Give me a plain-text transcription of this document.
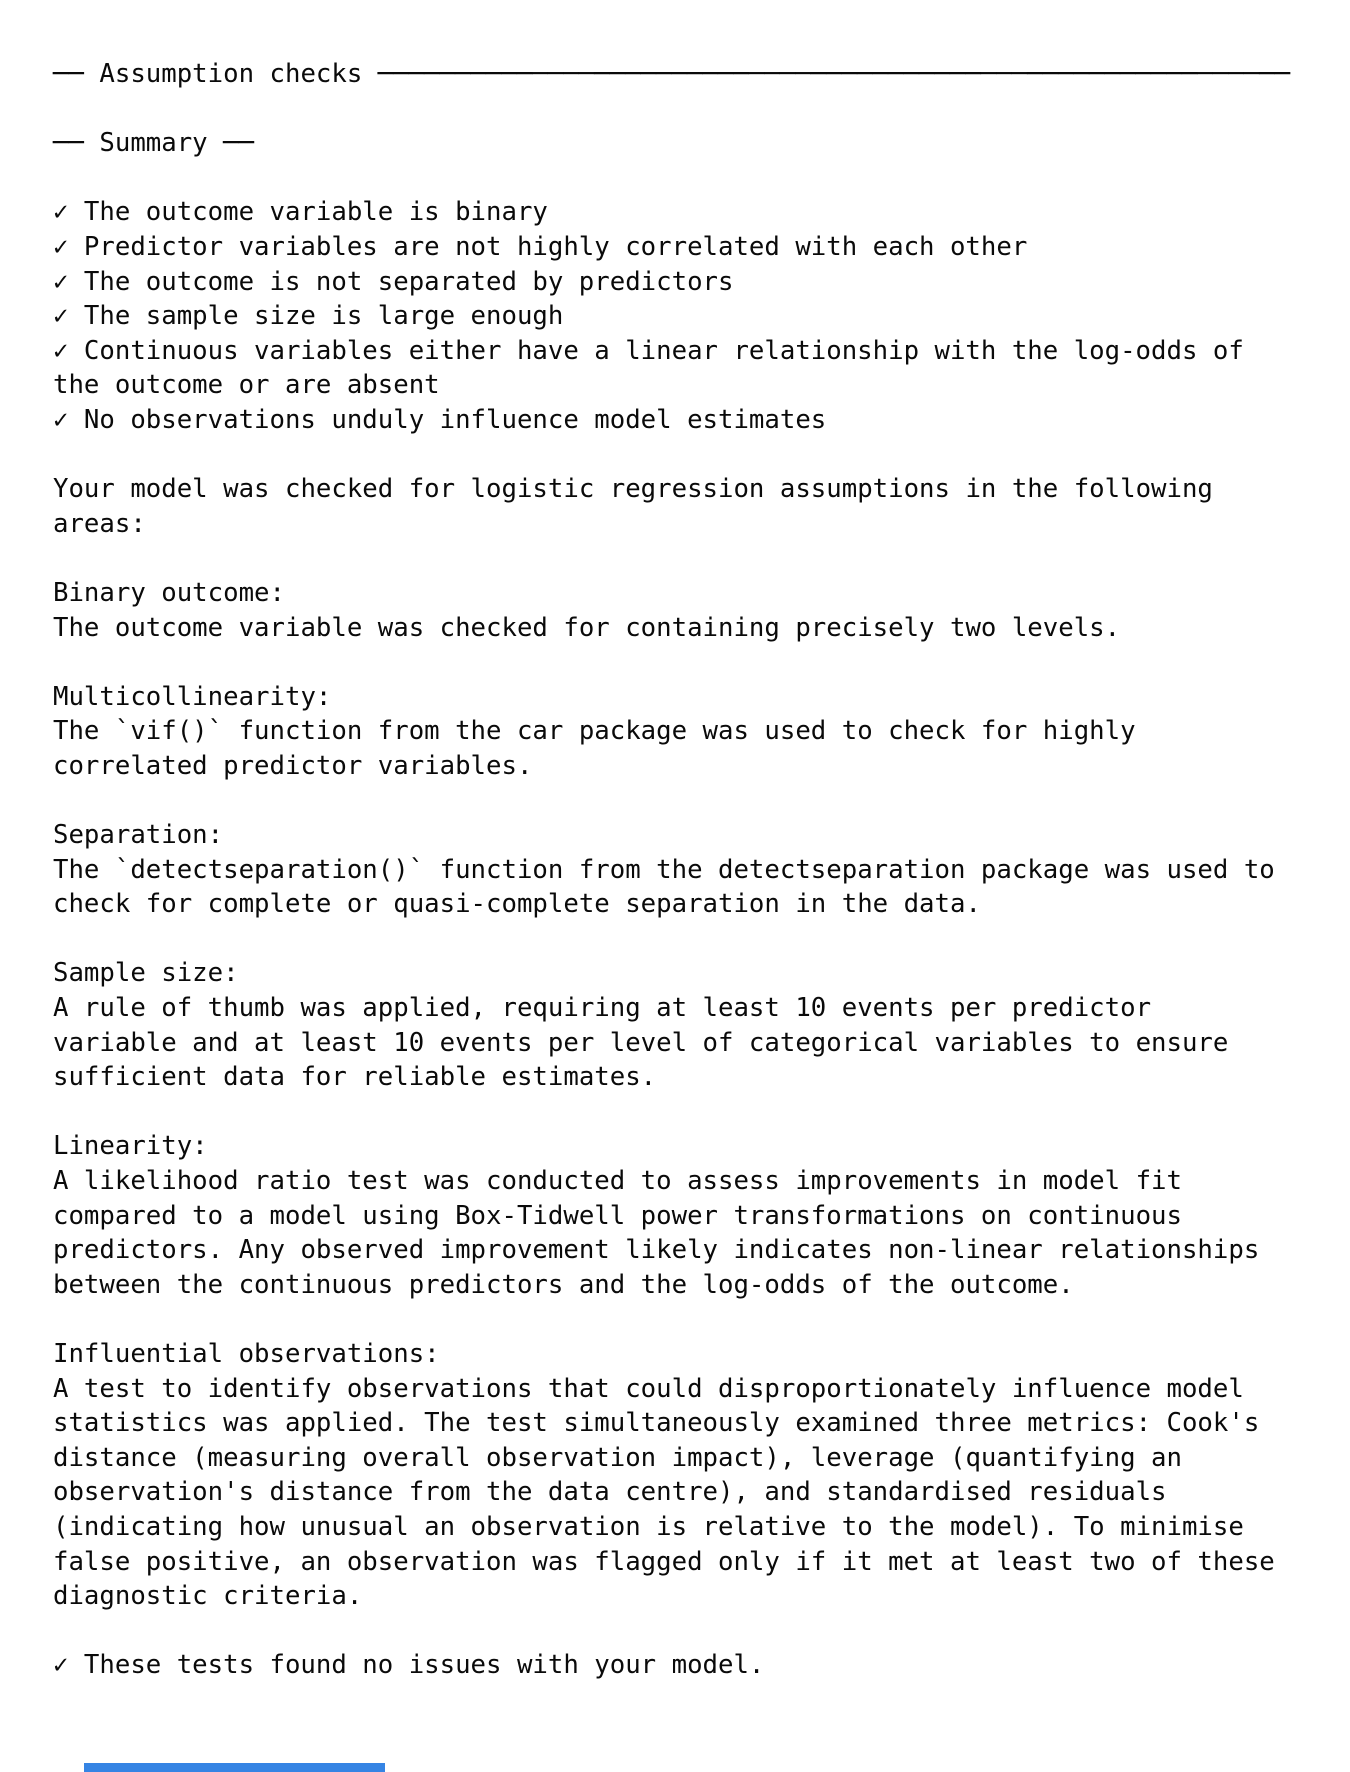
── Assumption checks ───────────────────────────────────────────────────────────
── Summary ──
✓ The outcome variable is binary
✓ Predictor variables are not highly correlated with each other
✓ The outcome is not separated by predictors
✓ The sample size is large enough
✓ Continuous variables either have a linear relationship with the log-odds of the outcome or are absent
✓ No observations unduly influence model estimates
Your model was checked for logistic regression assumptions in the following areas:
Binary outcome:
The outcome variable was checked for containing precisely two levels.
Multicollinearity:
The `vif()` function from the car package was used to check for highly correlated predictor variables.
Separation:
The `detectseparation()` function from the detectseparation package was used to check for complete or quasi-complete separation in the data.
Sample size:
A rule of thumb was applied, requiring at least 10 events per predictor variable and at least 10 events per level of categorical variables to ensure sufficient data for reliable estimates.
Linearity:
A likelihood ratio test was conducted to assess improvements in model fit compared to a model using Box-Tidwell power transformations on continuous predictors. Any observed improvement likely indicates non-linear relationships between the continuous predictors and the log-odds of the outcome.
Influential observations:
A test to identify observations that could disproportionately influence model statistics was applied. The test simultaneously examined three metrics: Cook's distance (measuring overall observation impact), leverage (quantifying an observation's distance from the data centre), and standardised residuals (indicating how unusual an observation is relative to the model). To minimise false positive, an observation was flagged only if it met at least two of these diagnostic criteria.
✓ These tests found no issues with your model.
